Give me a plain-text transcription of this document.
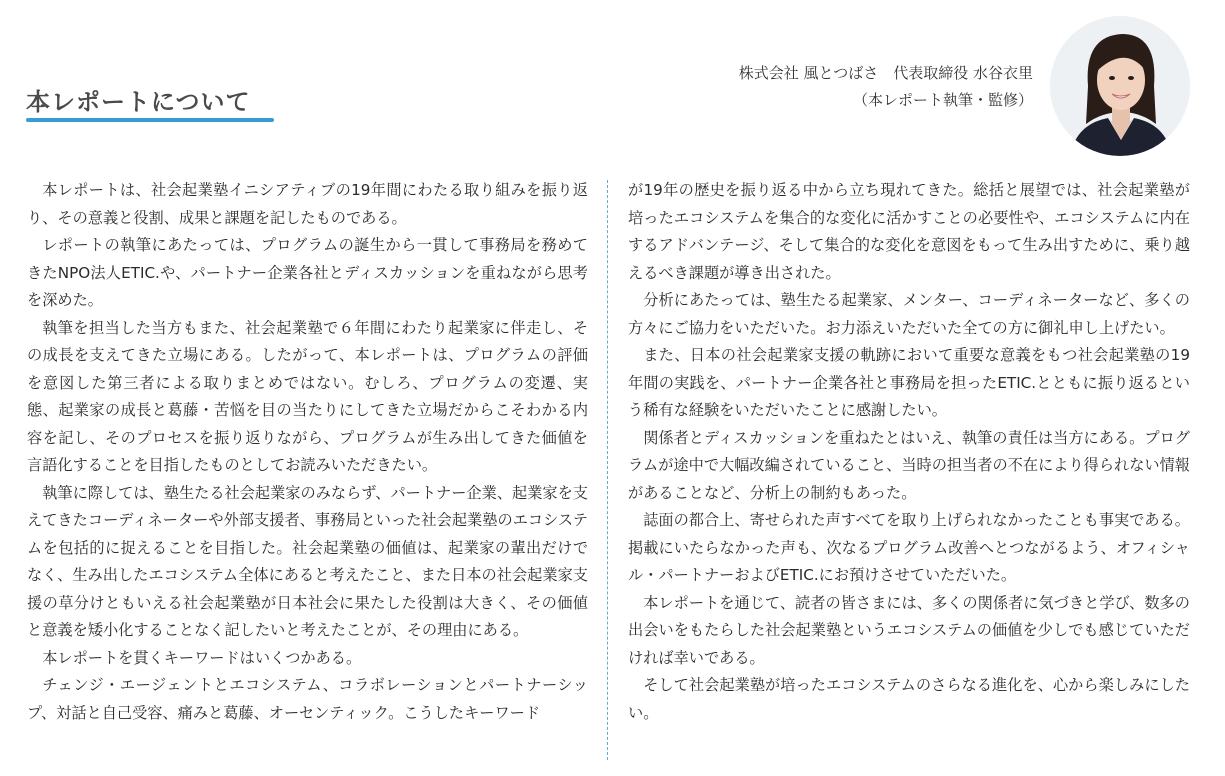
本レポートについて
株式会社 風とつばさ　代表取締役 水谷衣里
（本レポート執筆・監修）

本レポートは、社会起業塾イニシアティブの19年間にわたる取り組みを振り返り、その意義と役割、成果と課題を記したものである。

レポートの執筆にあたっては、プログラムの誕生から一貫して事務局を務めてきたNPO法人ETIC.や、パートナー企業各社とディスカッションを重ねながら思考を深めた。

執筆を担当した当方もまた、社会起業塾で６年間にわたり起業家に伴走し、その成長を支えてきた立場にある。したがって、本レポートは、プログラムの評価を意図した第三者による取りまとめではない。むしろ、プログラムの変遷、実態、起業家の成長と葛藤・苦悩を目の当たりにしてきた立場だからこそわかる内容を記し、そのプロセスを振り返りながら、プログラムが生み出してきた価値を言語化することを目指したものとしてお読みいただきたい。

執筆に際しては、塾生たる社会起業家のみならず、パートナー企業、起業家を支えてきたコーディネーターや外部支援者、事務局といった社会起業塾のエコシステムを包括的に捉えることを目指した。社会起業塾の価値は、起業家の輩出だけでなく、生み出したエコシステム全体にあると考えたこと、また日本の社会起業家支援の草分けともいえる社会起業塾が日本社会に果たした役割は大きく、その価値と意義を矮小化することなく記したいと考えたことが、その理由にある。

本レポートを貫くキーワードはいくつかある。

チェンジ・エージェントとエコシステム、コラボレーションとパートナーシップ、対話と自己受容、痛みと葛藤、オーセンティック。こうしたキーワード

が19年の歴史を振り返る中から立ち現れてきた。総括と展望では、社会起業塾が培ったエコシステムを集合的な変化に活かすことの必要性や、エコシステムに内在するアドバンテージ、そして集合的な変化を意図をもって生み出すために、乗り越えるべき課題が導き出された。

分析にあたっては、塾生たる起業家、メンター、コーディネーターなど、多くの方々にご協力をいただいた。お力添えいただいた全ての方に御礼申し上げたい。

また、日本の社会起業家支援の軌跡において重要な意義をもつ社会起業塾の19年間の実践を、パートナー企業各社と事務局を担ったETIC.とともに振り返るという稀有な経験をいただいたことに感謝したい。

関係者とディスカッションを重ねたとはいえ、執筆の責任は当方にある。プログラムが途中で大幅改編されていること、当時の担当者の不在により得られない情報があることなど、分析上の制約もあった。

誌面の都合上、寄せられた声すべてを取り上げられなかったことも事実である。掲載にいたらなかった声も、次なるプログラム改善へとつながるよう、オフィシャル・パートナーおよびETIC.にお預けさせていただいた。

本レポートを通じて、読者の皆さまには、多くの関係者に気づきと学び、数多の出会いをもたらした社会起業塾というエコシステムの価値を少しでも感じていただければ幸いである。

そして社会起業塾が培ったエコシステムのさらなる進化を、心から楽しみにしたい。
